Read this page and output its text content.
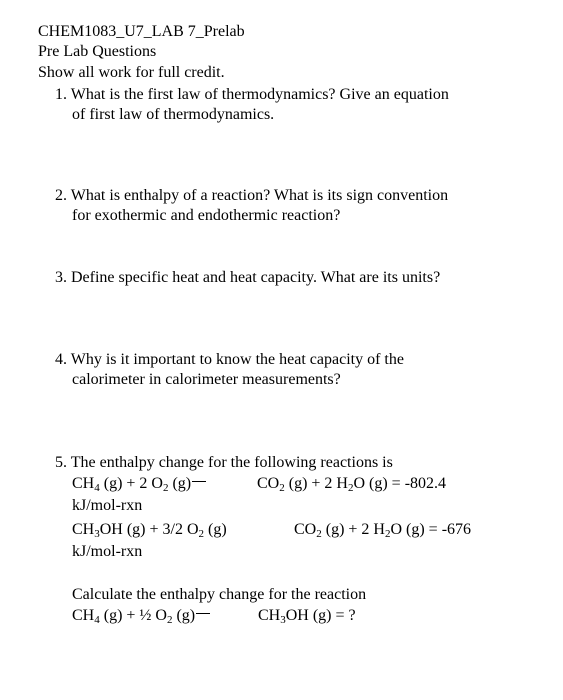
CHEM1083_U7_LAB 7_Prelab
Pre Lab Questions
Show all work for full credit.
1. What is the first law of thermodynamics? Give an equation
of first law of thermodynamics.
2. What is enthalpy of a reaction? What is its sign convention
for exothermic and endothermic reaction?
3. Define specific heat and heat capacity. What are its units?
4. Why is it important to know the heat capacity of the
calorimeter in calorimeter measurements?
5. The enthalpy change for the following reactions is
$CH_4$ (g) + 2 $O_2$ (g)	$CO_2$ (g) + 2 $H_2O$ (g) = -802.4
kJ/mol-rxn
$CH_3OH$ (g) + 3/2 $O_2$ (g)	$CO_2$ (g) + 2 $H_2O$ (g) = -676
kJ/mol-rxn
Calculate the enthalpy change for the reaction
$CH_4$ (g) + ½ $O_2$ (g)	$CH_3OH$ (g) = ?
